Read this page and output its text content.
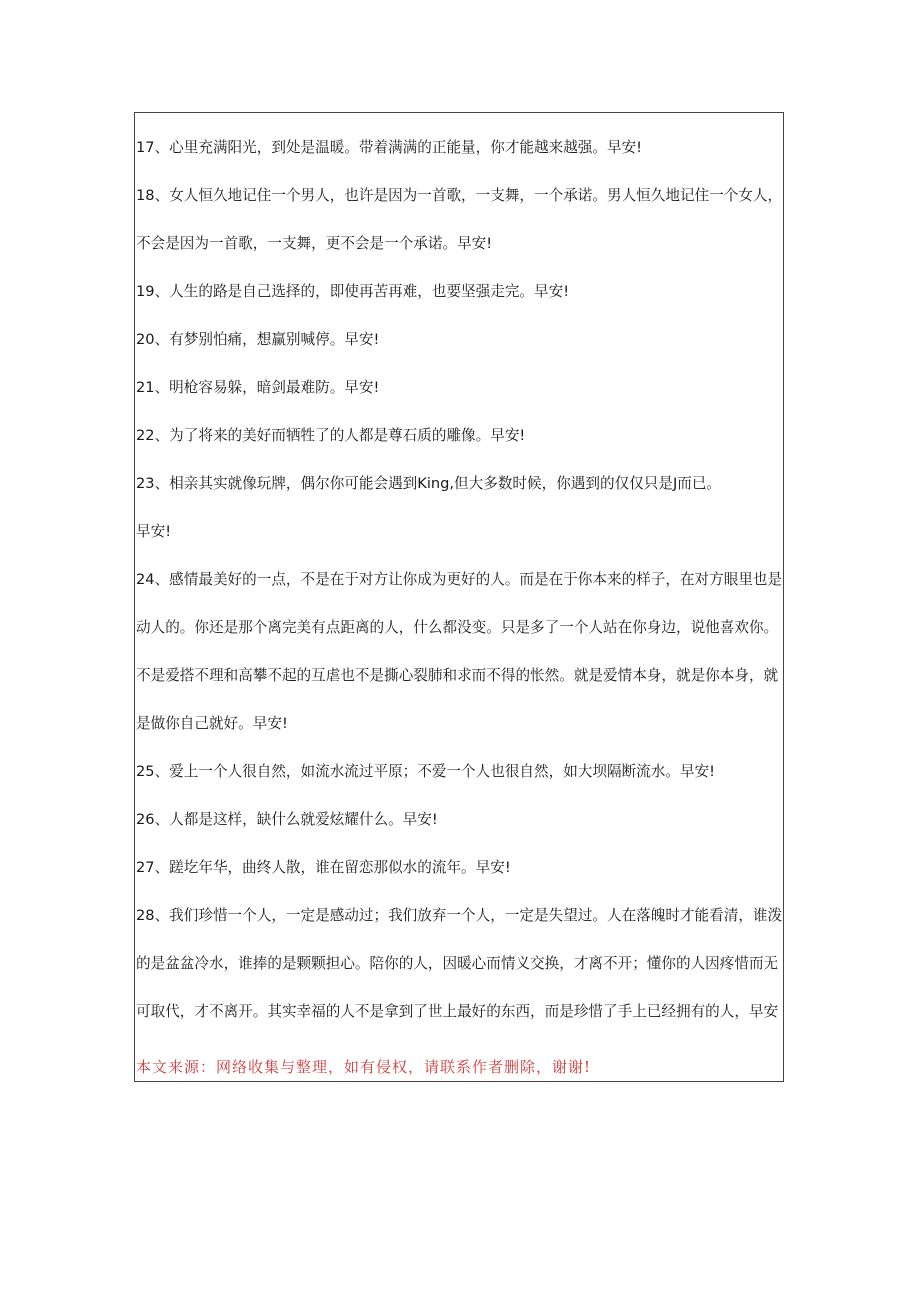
17、心里充满阳光，到处是温暖。带着满满的正能量，你才能越来越强。早安!
18、女人恒久地记住一个男人，也许是因为一首歌，一支舞，一个承诺。男人恒久地记住一个女人，
不会是因为一首歌，一支舞，更不会是一个承诺。早安!
19、人生的路是自己选择的，即使再苦再难，也要坚强走完。早安!
20、有梦别怕痛，想赢别喊停。早安!
21、明枪容易躲，暗剑最难防。早安!
22、为了将来的美好而牺牲了的人都是尊石质的雕像。早安!
23、相亲其实就像玩牌，偶尔你可能会遇到King,但大多数时候，你遇到的仅仅只是J而已。
早安!
24、感情最美好的一点，不是在于对方让你成为更好的人。而是在于你本来的样子，在对方眼里也是
动人的。你还是那个离完美有点距离的人，什么都没变。只是多了一个人站在你身边，说他喜欢你。
不是爱搭不理和高攀不起的互虐也不是撕心裂肺和求而不得的怅然。就是爱情本身，就是你本身，就
是做你自己就好。早安!
25、爱上一个人很自然，如流水流过平原；不爱一个人也很自然，如大坝隔断流水。早安!
26、人都是这样，缺什么就爱炫耀什么。早安!
27、蹉圪年华，曲终人散，谁在留恋那似水的流年。早安!
28、我们珍惜一个人，一定是感动过；我们放弃一个人，一定是失望过。人在落魄时才能看清，谁泼
的是盆盆冷水，谁捧的是颗颗担心。陪你的人，因暖心而情义交换，才离不开；懂你的人因疼惜而无
可取代，才不离开。其实幸福的人不是拿到了世上最好的东西，而是珍惜了手上已经拥有的人，早安
本文来源：网络收集与整理，如有侵权，请联系作者删除，谢谢!
